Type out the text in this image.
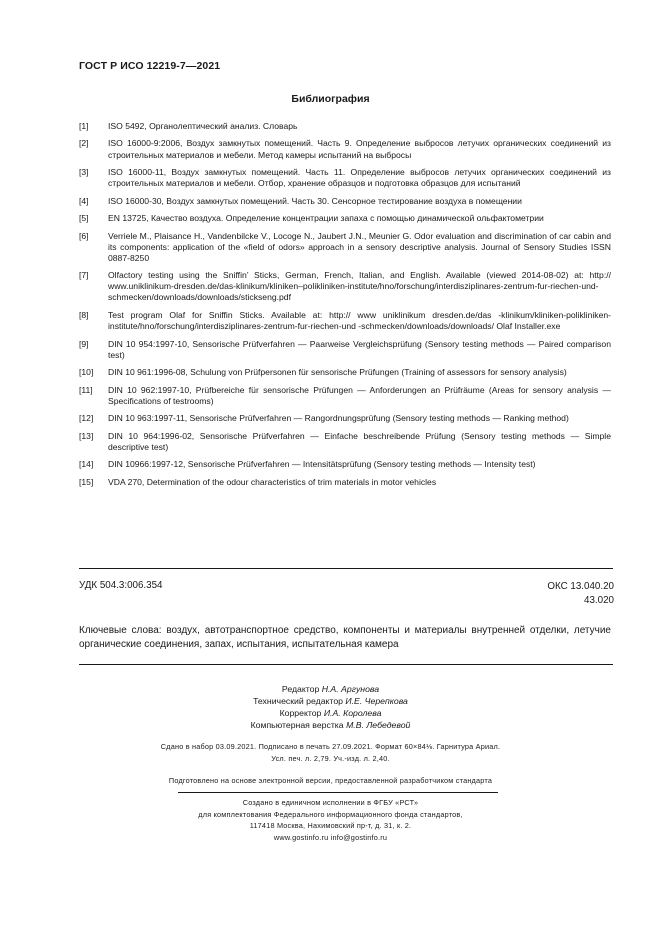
ГОСТ Р ИСО 12219-7—2021
Библиография
[1]	ISO 5492, Органолептический анализ. Словарь
[2]	ISO 16000-9:2006, Воздух замкнутых помещений. Часть 9. Определение выбросов летучих органических соединений из строительных материалов и мебели. Метод камеры испытаний на выбросы
[3]	ISO 16000-11, Воздух замкнутых помещений. Часть 11. Определение выбросов летучих органических соединений из строительных материалов и мебели. Отбор, хранение образцов и подготовка образцов для испытаний
[4]	ISO 16000-30, Воздух замкнутых помещений. Часть 30. Сенсорное тестирование воздуха в помещении
[5]	EN 13725, Качество воздуха. Определение концентрации запаха с помощью динамической ольфактометрии
[6]	Verriele M., Plaisance H., Vandenbilcke V., Locoge N., Jaubert J.N., Meunier G. Odor evaluation and discrimination of car cabin and its components: application of the «field of odors» approach in a sensory descriptive analysis. Journal of Sensory Studies ISSN 0887-8250
[7]	Olfactory testing using the Sniffin’ Sticks, German, French, Italian, and English. Available (viewed 2014-08-02) at: http:// www.uniklinikum-dresden.de/das-klinikum/kliniken–polikliniken-institute/hno/forschung/interdisziplinares-zentrum-fur-riechen-und-schmecken/downloads/downloads/stickseng.pdf
[8]	Test program Olaf for Sniffin Sticks. Available at: http:// www uniklinikum dresden.de/das -klinikum/kliniken-polikliniken-institute/hno/forschung/interdisziplinares-zentrum-fur-riechen-und -schmecken/downloads/downloads/ Olaf Installer.exe
[9]	DIN 10 954:1997-10, Sensorische Prüfverfahren — Paarweise Vergleichsprüfung (Sensory testing methods — Paired comparison test)
[10]	DIN 10 961:1996-08, Schulung von Prüfpersonen für sensorische Prüfungen (Training of assessors for sensory analysis)
[11]	DIN 10 962:1997-10, Prüfbereiche für sensorische Prüfungen — Anforderungen an Prüfräume (Areas for sensory analysis — Specifications of testrooms)
[12]	DIN 10 963:1997-11, Sensorische Prüfverfahren — Rangordnungsprüfung (Sensory testing methods — Ranking method)
[13]	DIN 10 964:1996-02, Sensorische Prüfverfahren — Einfache beschreibende Prüfung (Sensory testing methods — Simple descriptive test)
[14]	DIN 10966:1997-12, Sensorische Prüfverfahren — Intensitätsprüfung (Sensory testing methods — Intensity test)
[15]	VDA 270, Determination of the odour characteristics of trim materials in motor vehicles
УДК 504.3:006.354	ОКС 13.040.20
43.020
Ключевые слова: воздух, автотранспортное средство, компоненты и материалы внутренней отделки, летучие органические соединения, запах, испытания, испытательная камера
Редактор Н.А. Аргунова
Технический редактор И.Е. Черепкова
Корректор И.А. Королева
Компьютерная верстка М.В. Лебедевой
Сдано в набор 03.09.2021. Подписано в печать 27.09.2021. Формат 60×84⅛. Гарнитура Ариал.
Усл. печ. л. 2,79. Уч.-изд. л. 2,40.
Подготовлено на основе электронной версии, предоставленной разработчиком стандарта
Создано в единичном исполнении в ФГБУ «РСТ»
для комплектования Федерального информационного фонда стандартов,
117418 Москва, Нахимовский пр-т, д. 31, к. 2.
www.gostinfo.ru info@gostinfo.ru
